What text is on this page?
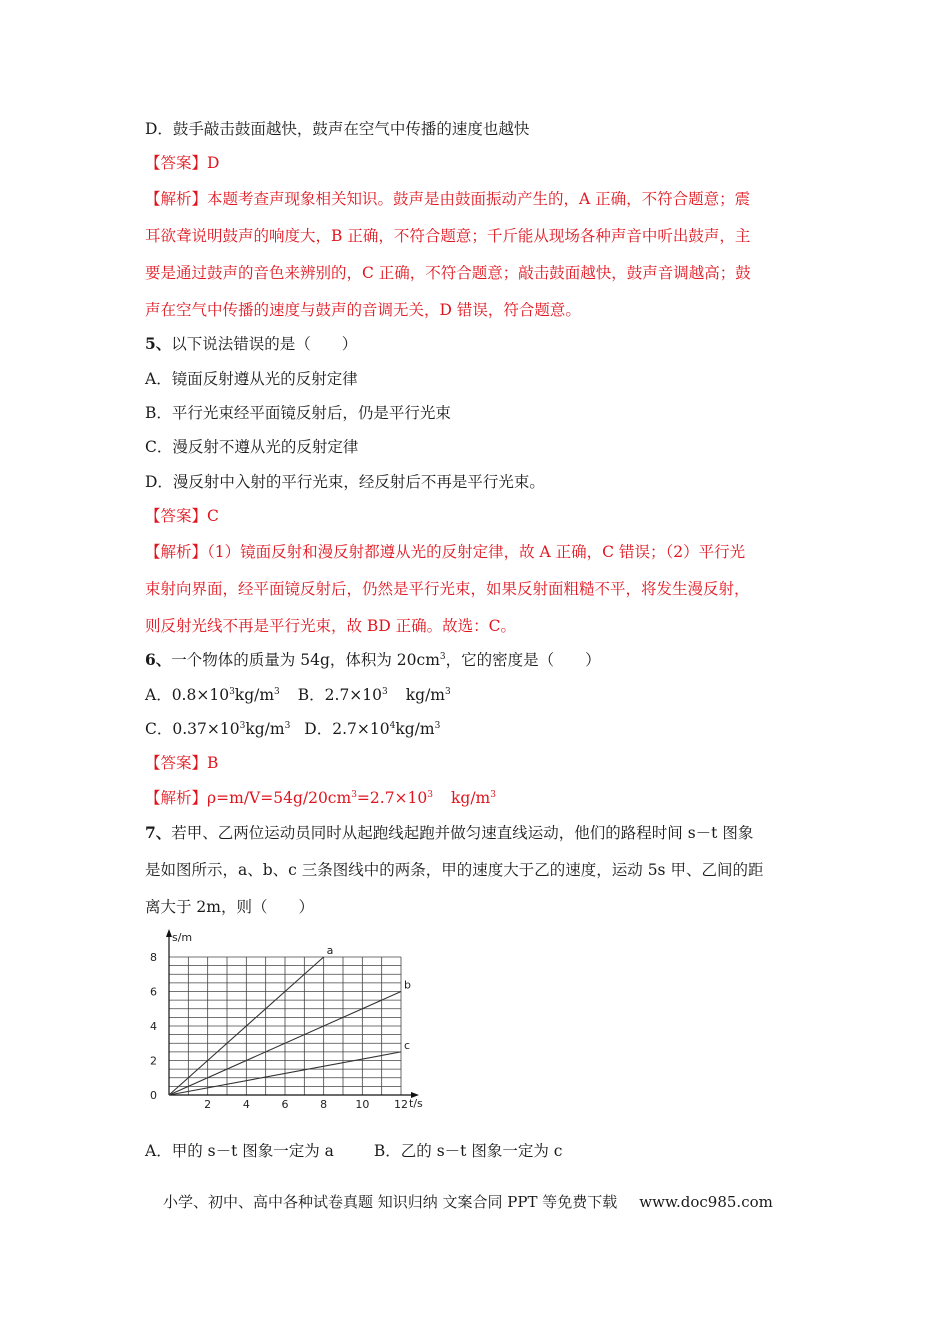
D．鼓手敲击鼓面越快，鼓声在空气中传播的速度也越快
【答案】D
【解析】本题考查声现象相关知识。鼓声是由鼓面振动产生的，A 正确，不符合题意；震
耳欲聋说明鼓声的响度大，B 正确，不符合题意；千斤能从现场各种声音中听出鼓声，主
要是通过鼓声的音色来辨别的，C 正确，不符合题意；敲击鼓面越快，鼓声音调越高；鼓
声在空气中传播的速度与鼓声的音调无关，D 错误，符合题意。
5、以下说法错误的是（　　）
A．镜面反射遵从光的反射定律
B．平行光束经平面镜反射后，仍是平行光束
C．漫反射不遵从光的反射定律
D．漫反射中入射的平行光束，经反射后不再是平行光束。
【答案】C
【解析】（1）镜面反射和漫反射都遵从光的反射定律，故 A 正确，C 错误；（2）平行光
束射向界面，经平面镜反射后，仍然是平行光束，如果反射面粗糙不平，将发生漫反射，
则反射光线不再是平行光束，故 BD 正确。故选：C。
6、一个物体的质量为 54g，体积为 $20cm^3$，它的密度是（　　）
A．$0.8\times 10^3kg/m^3$ B．$2.7\times 10^3$ $kg/m^3$
C．$0.37\times 10^3kg/m^3$ D．$2.7\times 10^4kg/m^3$
【答案】B
【解析】$\rho=m/V=54g/20cm^3=2.7\times 10^3$ $kg/m^3$
7、若甲、乙两位运动员同时从起跑线起跑并做匀速直线运动，他们的路程时间 s－t 图象
是如图所示，a、b、c 三条图线中的两条，甲的速度大于乙的速度，运动 5s 甲、乙间的距
离大于 2m，则（　　）
2	4	6	8	10 12
0
2
4
6
8
a
b
c
s/m
t/s
A．甲的 s－t 图象一定为 a	B．乙的 s－t 图象一定为 c
小学、初中、高中各种试卷真题 知识归纳 文案合同 PPT 等免费下载 www.doc985.com
